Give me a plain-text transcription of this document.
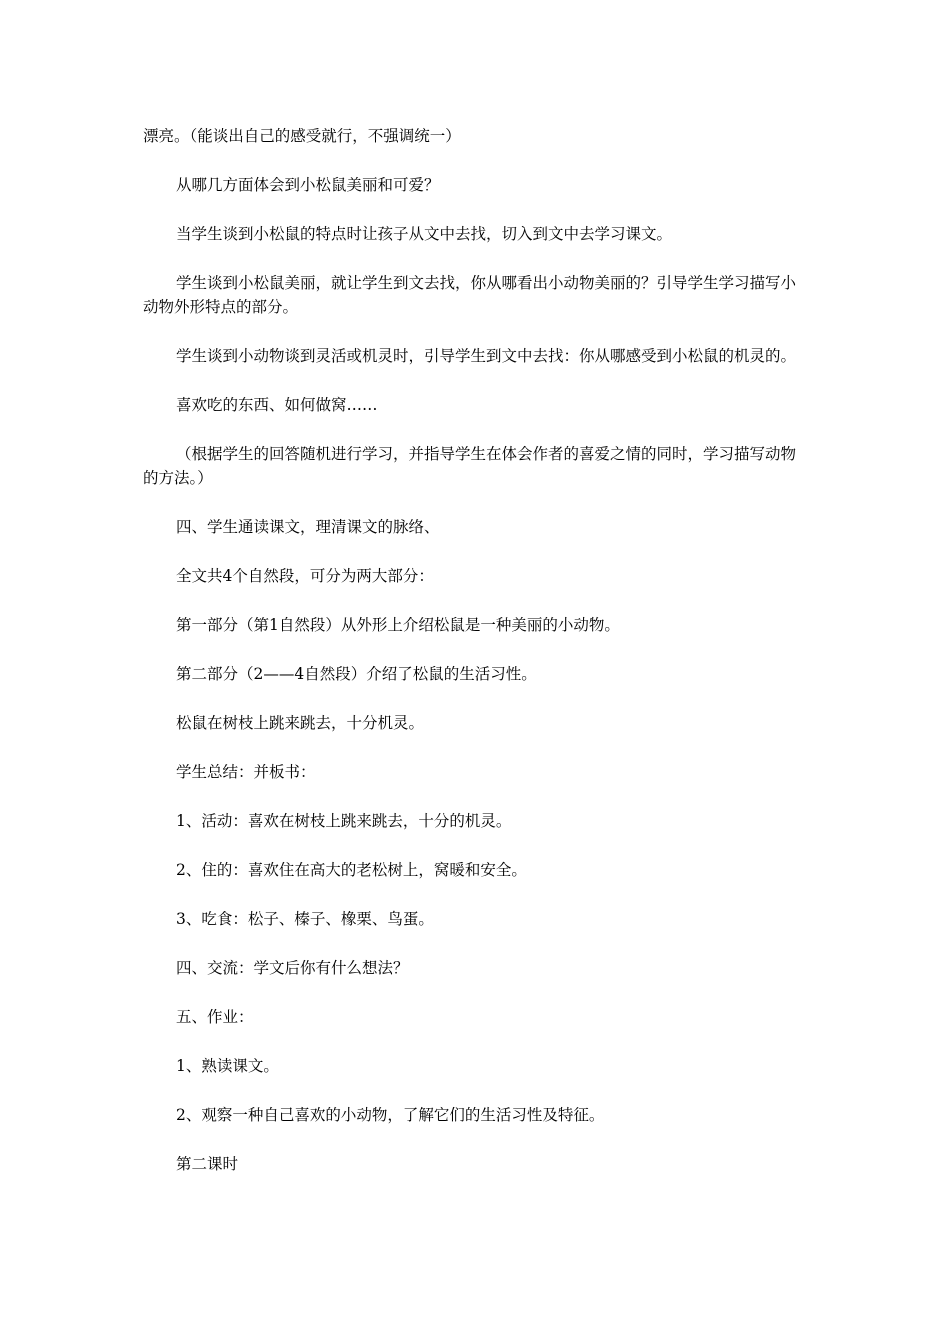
漂亮。（能谈出自己的感受就行，不强调统一）

从哪几方面体会到小松鼠美丽和可爱？

当学生谈到小松鼠的特点时让孩子从文中去找，切入到文中去学习课文。

学生谈到小松鼠美丽，就让学生到文去找，你从哪看出小动物美丽的？引导学生学习描写小动物外形特点的部分。

学生谈到小动物谈到灵活或机灵时，引导学生到文中去找：你从哪感受到小松鼠的机灵的。

喜欢吃的东西、如何做窝……

（根据学生的回答随机进行学习，并指导学生在体会作者的喜爱之情的同时，学习描写动物的方法。）

四、学生通读课文，理清课文的脉络、

全文共4个自然段，可分为两大部分：

第一部分（第1自然段）从外形上介绍松鼠是一种美丽的小动物。

第二部分（2——4自然段）介绍了松鼠的生活习性。

松鼠在树枝上跳来跳去，十分机灵。

学生总结：并板书：

1、活动：喜欢在树枝上跳来跳去，十分的机灵。

2、住的：喜欢住在高大的老松树上，窝暖和安全。

3、吃食：松子、榛子、橡栗、鸟蛋。

四、交流：学文后你有什么想法？

五、作业：

1、熟读课文。

2、观察一种自己喜欢的小动物，了解它们的生活习性及特征。

第二课时
